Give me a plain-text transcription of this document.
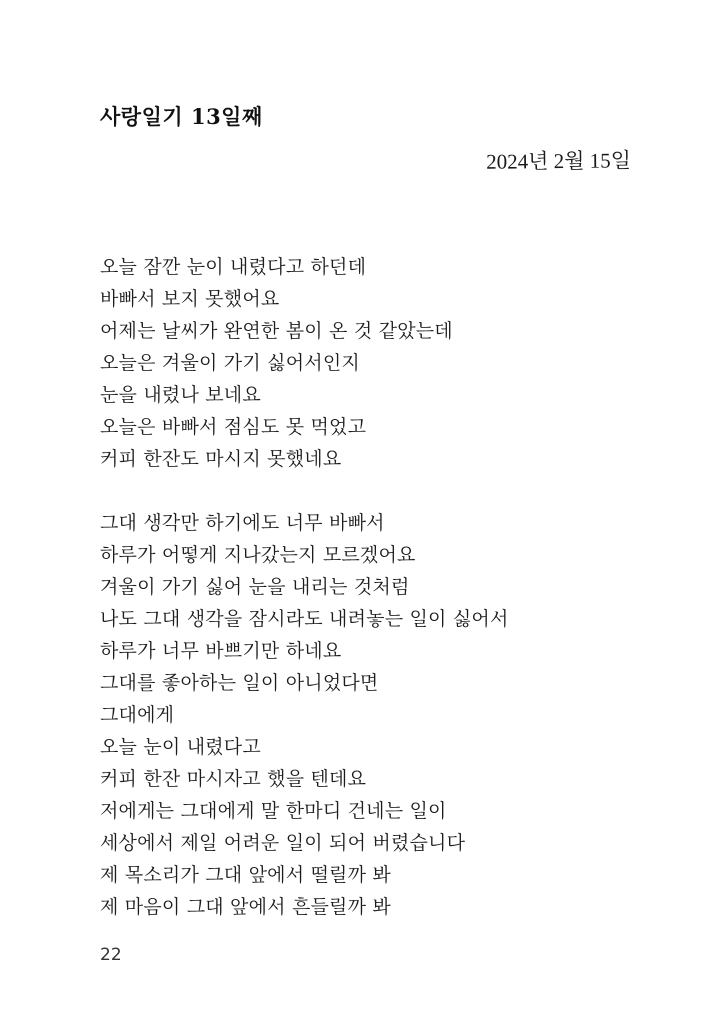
사랑일기 13일째
2024년 2월 15일
오늘 잠깐 눈이 내렸다고 하던데
바빠서 보지 못했어요
어제는 날씨가 완연한 봄이 온 것 같았는데
오늘은 겨울이 가기 싫어서인지
눈을 내렸나 보네요
오늘은 바빠서 점심도 못 먹었고
커피 한잔도 마시지 못했네요
그대 생각만 하기에도 너무 바빠서
하루가 어떻게 지나갔는지 모르겠어요
겨울이 가기 싫어 눈을 내리는 것처럼
나도 그대 생각을 잠시라도 내려놓는 일이 싫어서
하루가 너무 바쁘기만 하네요
그대를 좋아하는 일이 아니었다면
그대에게
오늘 눈이 내렸다고
커피 한잔 마시자고 했을 텐데요
저에게는 그대에게 말 한마디 건네는 일이
세상에서 제일 어려운 일이 되어 버렸습니다
제 목소리가 그대 앞에서 떨릴까 봐
제 마음이 그대 앞에서 흔들릴까 봐
22
